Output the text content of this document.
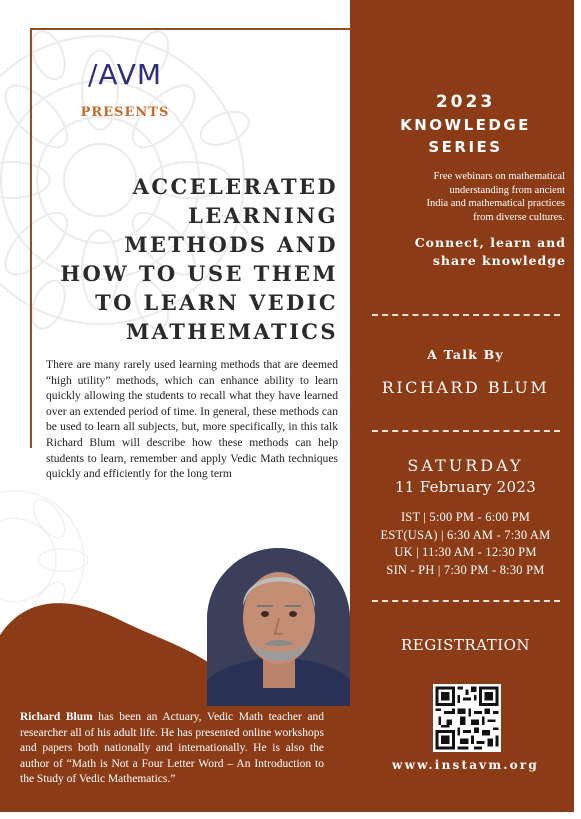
/AVM
PRESENTS
ACCELERATED
LEARNING
METHODS AND
HOW TO USE THEM
TO LEARN VEDIC
MATHEMATICS

There are many rarely used learning methods that are deemed “high utility” methods, which can enhance ability to learn quickly allowing the students to recall what they have learned over an extended period of time. In general, these methods can be used to learn all subjects, but, more specifically, in this talk Richard Blum will describe how these methods can help students to learn, remember and apply Vedic Math techniques quickly and efficiently for the long term

Richard Blum has been an Actuary, Vedic Math teacher and researcher all of his adult life. He has presented online workshops and papers both nationally and internationally. He is also the author of “Math is Not a Four Letter Word – An Introduction to the Study of Vedic Mathematics.”

2023
KNOWLEDGE
SERIES
Free webinars on mathematical
understanding from ancient
India and mathematical practices
from diverse cultures.
Connect, learn and
share knowledge
A Talk By
RICHARD BLUM
SATURDAY
11 February 2023
IST | 5:00 PM - 6:00 PM
EST(USA) | 6:30 AM - 7:30 AM
UK | 11:30 AM - 12:30 PM
SIN - PH | 7:30 PM - 8:30 PM
REGISTRATION
www.instavm.org
